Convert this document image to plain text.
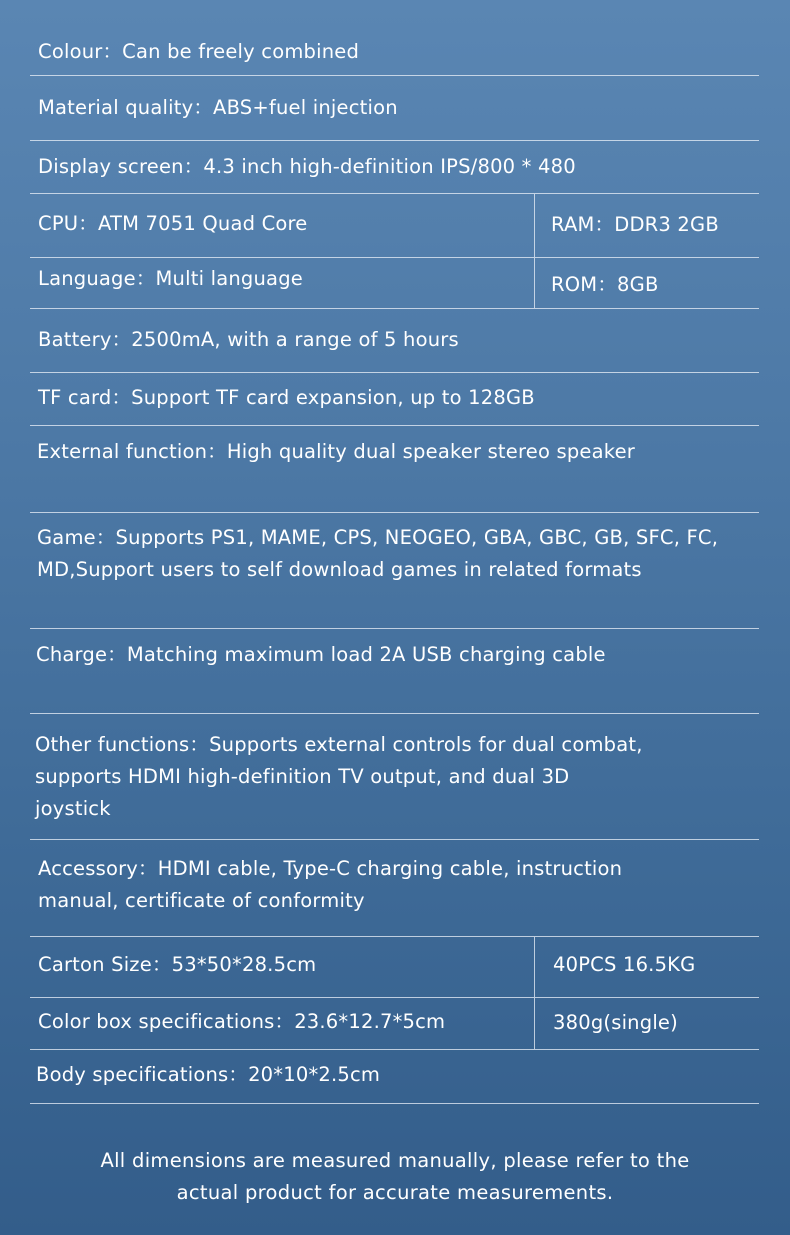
Colour：Can be freely combined
Material quality：ABS+fuel injection
Display screen：4.3 inch high-definition IPS/800 * 480
CPU：ATM 7051 Quad Core	RAM：DDR3 2GB
Language：Multi language	ROM：8GB
Battery：2500mA, with a range of 5 hours
TF card：Support TF card expansion, up to 128GB
External function：High quality dual speaker stereo speaker
Game：Supports PS1, MAME, CPS, NEOGEO, GBA, GBC, GB, SFC, FC, MD,Support users to self download games in related formats
Charge：Matching maximum load 2A USB charging cable
Other functions：Supports external controls for dual combat, supports HDMI high-definition TV output, and dual 3D joystick
Accessory：HDMI cable, Type-C charging cable, instruction manual, certificate of conformity
Carton Size：53*50*28.5cm	40PCS 16.5KG
Color box specifications：23.6*12.7*5cm	380g(single)
Body specifications：20*10*2.5cm
All dimensions are measured manually, please refer to the actual product for accurate measurements.
